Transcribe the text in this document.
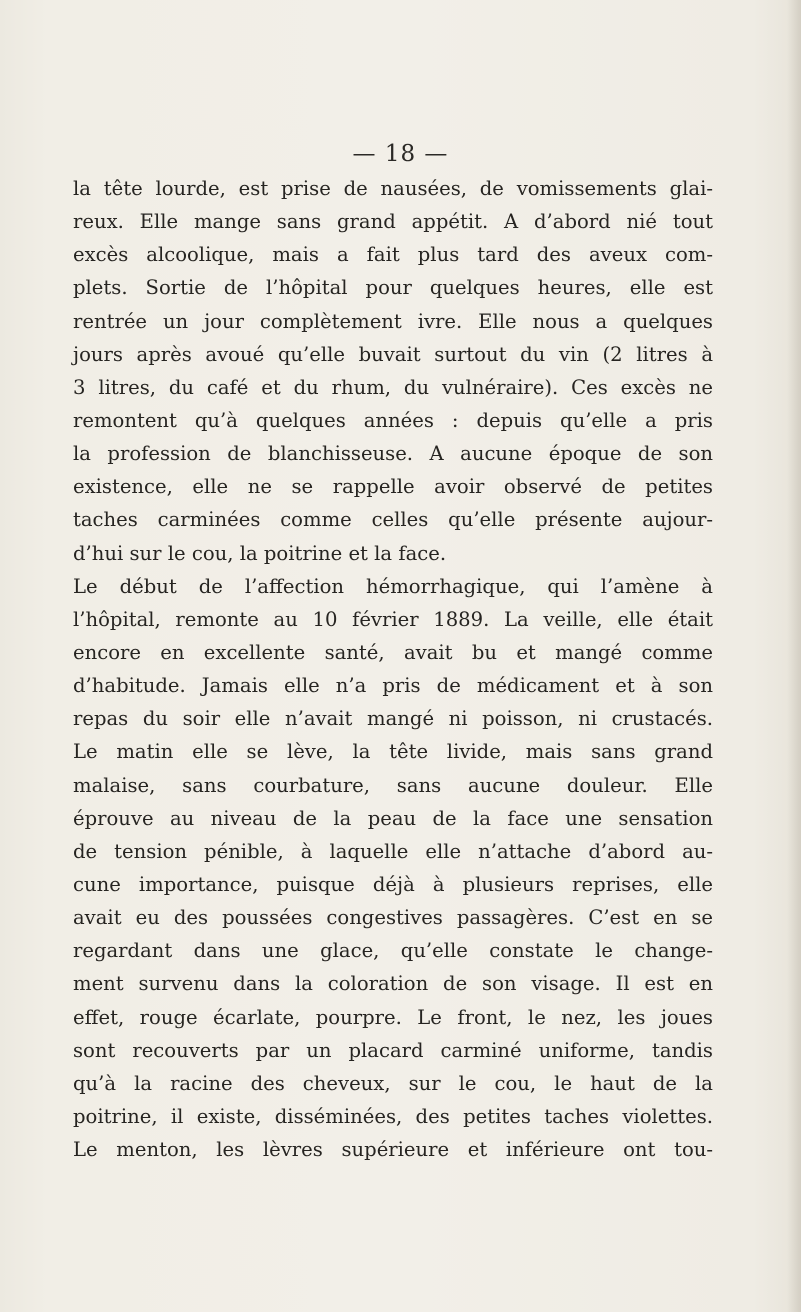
— 18 —
la tête lourde, est prise de nausées, de vomissements glai-
reux. Elle mange sans grand appétit. A d’abord nié tout
excès alcoolique, mais a fait plus tard des aveux com-
plets. Sortie de l’hôpital pour quelques heures, elle est
rentrée un jour complètement ivre. Elle nous a quelques
jours après avoué qu’elle buvait surtout du vin (2 litres à
3 litres, du café et du rhum, du vulnéraire). Ces excès ne
remontent qu’à quelques années : depuis qu’elle a pris
la profession de blanchisseuse. A aucune époque de son
existence, elle ne se rappelle avoir observé de petites
taches carminées comme celles qu’elle présente aujour-
d’hui sur le cou, la poitrine et la face.
Le début de l’affection hémorrhagique, qui l’amène à
l’hôpital, remonte au 10 février 1889. La veille, elle était
encore en excellente santé, avait bu et mangé comme
d’habitude. Jamais elle n’a pris de médicament et à son
repas du soir elle n’avait mangé ni poisson, ni crustacés.
Le matin elle se lève, la tête livide, mais sans grand
malaise, sans courbature, sans aucune douleur. Elle
éprouve au niveau de la peau de la face une sensation
de tension pénible, à laquelle elle n’attache d’abord au-
cune importance, puisque déjà à plusieurs reprises, elle
avait eu des poussées congestives passagères. C’est en se
regardant dans une glace, qu’elle constate le change-
ment survenu dans la coloration de son visage. Il est en
effet, rouge écarlate, pourpre. Le front, le nez, les joues
sont recouverts par un placard carminé uniforme, tandis
qu’à la racine des cheveux, sur le cou, le haut de la
poitrine, il existe, disséminées, des petites taches violettes.
Le menton, les lèvres supérieure et inférieure ont tou-
